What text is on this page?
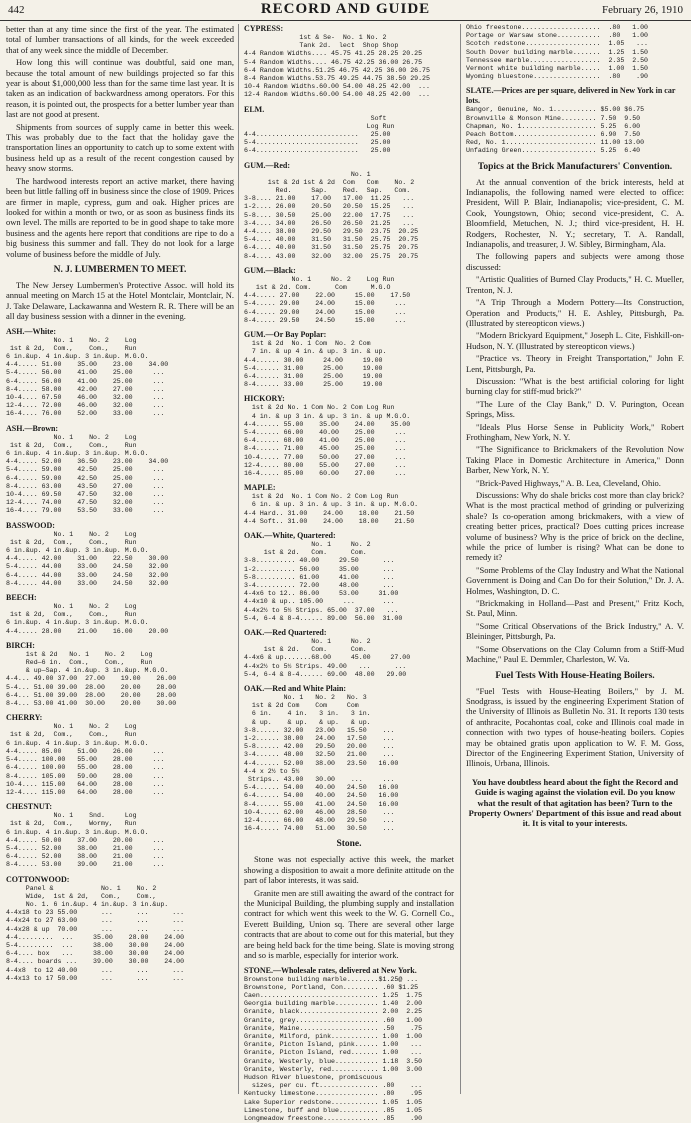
442	RECORD AND GUIDE	February 26, 1910

better than at any time since the first of the year. The estimated total of lumber transactions of all kinds, for the week exceeded that of any week since the middle of December.

How long this will continue was doubtful, said one man, because the total amount of new buildings projected so far this year is about $1,000,000 less than for the same time last year. It is taken as an indication of backwardness among operators. For this reason, it is pointed out, the prospects for a better lumber year than last are not good at present.

Shipments from sources of supply came in better this week. This was probably due to the fact that the holiday gave the transportation lines an opportunity to catch up to some extent with business held up as a result of the recent congestion caused by heavy snow storms.

The hardwood interests report an active market, there having been but little falling off in business since the close of 1909. Prices are firmer in maple, cypress, gum and oak. Higher prices are looked for within a month or two, or as soon as business finds its own level. The mills are reported to be in good shape to take more business and the agents here report that conditions are ripe to do a big business this summer and fall. They do not look for a large volume of business before the middle of July.

N. J. LUMBERMEN TO MEET.

The New Jersey Lumbermen's Protective Assoc. will hold its annual meeting on March 15 at the Hotel Montclair, Montclair, N. J. Take Delaware, Lackawanna and Western R. R. There will be an all day business session with a dinner in the evening.

ASH.—White:
No. 1    No. 2    Log
1st & 2d,  Com.,    Com.,    Run
6 in.&up. 4 in.&up. 3 in.&up. M.G.O.
4-4..... 51.00    35.00    23.00    34.00
5-4..... 56.00    41.00    25.00     ...
6-4..... 56.00    41.00    25.00     ...
8-4..... 58.00    42.00    27.00     ...
10-4.... 67.50    46.00    32.00     ...
12-4.... 72.00    46.00    32.00     ...
16-4.... 76.00    52.00    33.00     ...
ASH.—Brown:
No. 1    No. 2    Log
1st & 2d,  Com.,    Com.,    Run
6 in.&up. 4 in.&up. 3 in.&up. M.G.O.
4-4..... 52.00    36.50    23.00    34.00
5-4..... 59.00    42.50    25.00     ...
6-4..... 59.00    42.50    25.00     ...
8-4..... 63.00    43.50    27.00     ...
10-4.... 69.50    47.50    32.00     ...
12-4.... 74.00    47.50    32.00     ...
16-4.... 79.00    53.50    33.00     ...
BASSWOOD:
No. 1    No. 2    Log
1st & 2d,  Com.,    Com.,    Run
6 in.&up. 4 in.&up. 3 in.&up. M.G.O.
4-4..... 42.00    31.00    22.50    30.00
5-4..... 44.00    33.00    24.50    32.00
6-4..... 44.00    33.00    24.50    32.00
8-4..... 44.00    33.00    24.50    32.00
BEECH:
No. 1    No. 2    Log
1st & 2d,  Com.,    Com.,    Run
6 in.&up. 4 in.&up. 3 in.&up. M.G.O.
4-4..... 28.00    21.00    16.00    20.00
BIRCH:
1st & 2d   No. 1    No. 2    Log
Red—6 in.  Com.,    Com.,    Run
& up—Sap. 4 in.&up. 3 in.&up. M.G.O.
4-4... 49.00 37.00  27.00    19.00    26.00
5-4... 51.00 39.00  28.00    20.00    28.00
6-4... 51.00 39.00  28.00    20.00    28.00
8-4... 53.00 41.00  30.00    20.00    30.00
CHERRY:
No. 1    No. 2    Log
1st & 2d,  Com.,    Com.,    Run
6 in.&up. 4 in.&up. 3 in.&up. M.G.O.
4-4..... 85.00    51.00    26.00     ...
5-4..... 100.00   55.00    28.00     ...
6-4..... 100.00   55.00    28.00     ...
8-4..... 105.00   59.00    28.00     ...
10-4.... 115.00   64.00    28.00     ...
12-4.... 115.00   64.00    28.00     ...
CHESTNUT:
No. 1    Snd.     Log
1st & 2d,  Com.,    Wormy,   Run
6 in.&up. 4 in.&up. 3 in.&up. M.G.O.
4-4..... 50.00    37.00    20.00     ...
5-4..... 52.00    38.00    21.00     ...
6-4..... 52.00    38.00    21.00     ...
8-4..... 53.00    39.00    21.00     ...
COTTONWOOD:
Panel &            No. 1    No. 2
Wide,  1st & 2d,   Com.,    Com.,
No. 1. 6 in.&up. 4 in.&up. 3 in.&up.
4-4x18 to 23 55.00      ...      ...      ...
4-4x24 to 27 63.00      ...      ...      ...
4-4x28 & up  70.00      ...      ...      ...
4-4.........  ...     35.00    28.00    24.00
5-4.........  ...     38.00    30.00    24.00
6-4.... box   ...     38.00    30.00    24.00
8-4.... boards ...    39.00    30.00    24.00
4-4x8  to 12 40.00      ...      ...      ...
4-4x13 to 17 50.00      ...      ...      ...
CYPRESS:
1st & Se-  No. 1 No. 2
Tank 2d.  lect  Shop Shop
4-4 Random Widths.... 45.75 41.25 28.25 20.25
5-4 Random Widths.... 46.75 42.25 36.00 26.75
6-4 Random Widths.51.25 46.75 42.25 36.00 26.75
8-4 Random Widths.53.75 49.25 44.75 38.50 29.25
10-4 Random Widths.60.00 54.00 48.25 42.00  ...
12-4 Random Widths.60.00 54.00 48.25 42.00  ...
ELM.
Soft
Log Run
4-4..........................   25.00
5-4..........................   25.00
6-4..........................   25.00
GUM.—Red:
No. 1
1st & 2d 1st & 2d  Com   Com    No. 2
Red.     Sap.    Red.  Sap.   Com.
3-8.... 21.00    17.00   17.00  11.25   ...
1-2.... 26.00    20.50   20.50  15.25   ...
5-8.... 30.50    25.00   22.00  17.75   ...
3-4.... 34.00    26.50   26.50  21.25   ...
4-4.... 38.00    29.50   29.50  23.75  20.25
5-4.... 40.00    31.50   31.50  25.75  20.75
6-4.... 40.00    31.50   31.50  25.75  20.75
8-4.... 43.00    32.00   32.00  25.75  20.75
GUM.—Black:
No. 1     No. 2    Log Run
1st & 2d. Com.      Com      M.G.O
4-4..... 27.00    22.00     15.00    17.50
5-4..... 29.00    24.00     15.00     ...
6-4..... 29.00    24.00     15.00     ...
8-4..... 29.50    24.50     15.00     ...
GUM.—Or Bay Poplar:
1st & 2d  No. 1 Com  No. 2 Com
7 in. & up 4 in. & up. 3 in. & up.
4-4...... 30.00     24.00     19.00
5-4...... 31.00     25.00     19.00
6-4...... 31.00     25.00     19.00
8-4...... 33.00     25.00     19.00
HICKORY:
1st & 2d No. 1 Com No. 2 Com Log Run
4 in. & up 3 in. & up. 3 in. & up M.G.O.
4-4...... 55.00    35.00    24.00    35.00
5-4...... 66.00    40.00    25.00     ...
6-4...... 68.00    41.00    25.00     ...
8-4...... 71.00    45.00    25.00     ...
10-4..... 77.00    50.00    27.00     ...
12-4..... 80.00    55.00    27.00     ...
16-4..... 85.00    60.00    27.00     ...
MAPLE:
1st & 2d  No. 1 Com No. 2 Com Log Run
6 in. & up. 3 in. & up. 3 in. & up. M.G.O.
4-4 Hard.. 31.00    24.00    18.00    21.50
4-4 Soft.. 31.00    24.00    18.00    21.50
OAK.—White, Quartered:
No. 1     No. 2
1st & 2d.   Com.      Com.
3-8.......... 40.00     29.50      ...
1-2.......... 56.00     35.00      ...
5-8.......... 61.00     41.00      ...
3-4.......... 72.00     48.00      ...
4-4x6 to 12.. 86.00     53.00     31.00
4-4x10 & up.. 105.00     ...       ...
4-4x2½ to 5½ Strips. 65.00  37.00   ...
5-4, 6-4 & 8-4...... 89.00  56.00  31.00
OAK.—Red Quartered:
No. 1     No. 2
1st & 2d.   Com.      Com.
4-4x6 & up.......68.00     45.00     27.00
4-4x2½ to 5½ Strips. 49.00   ...      ...
5-4, 6-4 & 8-4...... 69.00  48.00   29.00
OAK.—Red and White Plain:
No. 1   No. 2   No. 3
1st & 2d Com    Com     Com
6 in.    4 in.   3 in.   3 in.
& up.    & up.   & up.   & up.
3-8...... 32.00   23.00   15.50    ...
1-2...... 38.00   24.00   17.50    ...
5-8...... 42.00   29.50   20.00    ...
3-4...... 48.00   32.50   21.00    ...
4-4...... 52.00   38.00   23.50   16.00
4-4 x 2½ to 5½
Strips.. 43.00   30.00    ...     ...
5-4...... 54.00   40.00   24.50   16.00
6-4...... 54.00   40.00   24.50   16.00
8-4...... 55.00   41.00   24.50   16.00
10-4..... 62.00   46.00   28.50    ...
12-4..... 66.00   48.00   29.50    ...
16-4..... 74.00   51.00   30.50    ...
Stone.

Stone was not especially active this week, the market showing a disposition to await a more definite attitude on the part of labor interests, it was said.

Granite men are still awaiting the award of the contract for the Municipal Building, the plumbing supply and installation contract for which went this week to the W. G. Cornell Co., Everett Building, Union sq. There are several other large contracts that are about to come out for this material, but they are being held back for the time being. Slate is moving strong and so is marble, especially for interior work.

STONE.—Wholesale rates, delivered at New York.
Brownstone building marble........$1.25@ ...
Brownstone, Portland, Con......... .60 $1.25
Caen.............................. 1.25  1.75
Georgia building marble........... 1.40  2.00
Granite, black.................... 2.00  2.25
Granite, grey..................... .60   1.00
Granite, Maine.................... .50    .75
Granite, Milford, pink............ 1.00  1.00
Granite, Picton Island, pink...... 1.00   ...
Granite, Picton Island, red....... 1.00   ...
Granite, Westerly, blue........... 1.18  3.50
Granite, Westerly, red............ 1.00  3.00
Hudson River bluestone, promiscuous
sizes, per cu. ft............... .80    ...
Kentucky limestone................ .80    .95
Lake Superior redstone............ 1.05  1.05
Limestone, buff and blue.......... .85   1.05
Longmeadow freestone.............. .85    .90
Ohio freestone....................  .80   1.00
Portage or Warsaw stone...........  .80   1.00
Scotch redstone...................  1.05   ...
South Dover building marble.......  1.25  1.50
Tennessee marble..................  2.35  2.50
Vermont white building marble.....  1.00  1.50
Wyoming bluestone.................  .80    .90
SLATE.—Prices are per square, delivered in New York in car lots.
Bangor, Genuine, No. 1........... $5.00 $6.75
Brownville & Monson Mine......... 7.50  9.50
Chapman, No. 1................... 5.25  6.00
Peach Bottom..................... 6.90  7.50
Red, No. 1....................... 11.00 13.00
Unfading Green................... 5.25  6.40
Topics at the Brick Manufacturers' Convention.

At the annual convention of the brick interests, held at Indianapolis, the following named were elected to office: President, Will P. Blair, Indianapolis; vice-president, C. M. Cook, Youngstown, Ohio; second vice-president, C. A. Bloomfield, Metuchen, N. J.; third vice-president, H. H. Rodgers, Rochester, N. Y.; secretary, T. A. Randall, Indianapolis, and treasurer, J. W. Sibley, Birmingham, Ala.

The following papers and subjects were among those discussed:

"Artistic Qualities of Burned Clay Products," H. C. Mueller, Trenton, N. J.

"A Trip Through a Modern Pottery—Its Construction, Operation and Products," H. E. Ashley, Pittsburgh, Pa. (Illustrated by stereopticon views.)

"Modern Brickyard Equipment," Joseph L. Cite, Fishkill-on-Hudson, N. Y. (Illustrated by stereopticon views.)

"Practice vs. Theory in Freight Transportation," John F. Lent, Pittsburgh, Pa.

Discussion: "What is the best artificial coloring for light burning clay for stiff-mud brick?"

"The Lure of the Clay Bank," D. V. Purington, Ocean Springs, Miss.

"Ideals Plus Horse Sense in Publicity Work," Robert Frothingham, New York, N. Y.

"The Significance to Brickmakers of the Revolution Now Taking Place in Domestic Architecture in America," Donn Barber, New York, N. Y.

"Brick-Paved Highways," A. B. Lea, Cleveland, Ohio.

Discussions: Why do shale bricks cost more than clay brick? What is the most practical method of grinding or pulverizing shale? Is co-operation among brickmakers, with a view of creating better prices, practical? Does cutting prices increase volume of business? Why is the price of brick on the decline, while the price of lumber is rising? What can be done to remedy it?

"Some Problems of the Clay Industry and What the National Government is Doing and Can Do for their Solution," Dr. J. A. Holmes, Washington, D. C.

"Brickmaking in Holland—Past and Present," Fritz Koch, St. Paul, Minn.

"Some Critical Observations of the Brick Industry," A. V. Bleininger, Pittsburgh, Pa.

"Some Observations on the Clay Column from a Stiff-Mud Machine," Paul E. Demmler, Charleston, W. Va.

Fuel Tests With House-Heating Boilers.

"Fuel Tests with House-Heating Boilers," by J. M. Snodgrass, is issued by the engineering Experiment Station of the University of Illinois as Bulletin No. 31. It reports 130 tests of anthracite, Pocahontas coal, coke and Illinois coal made in connection with two types of house-heating boilers. Copies may be obtained gratis upon application to W. F. M. Goss, Director of the Engineering Experiment Station, University of Illinois, Urbana, Illinois.

You have doubtless heard about the fight the Record and Guide is waging against the violation evil. Do you know what the result of that agitation has been? Turn to the Property Owners' Department of this issue and read about it. It is vital to your interests.
